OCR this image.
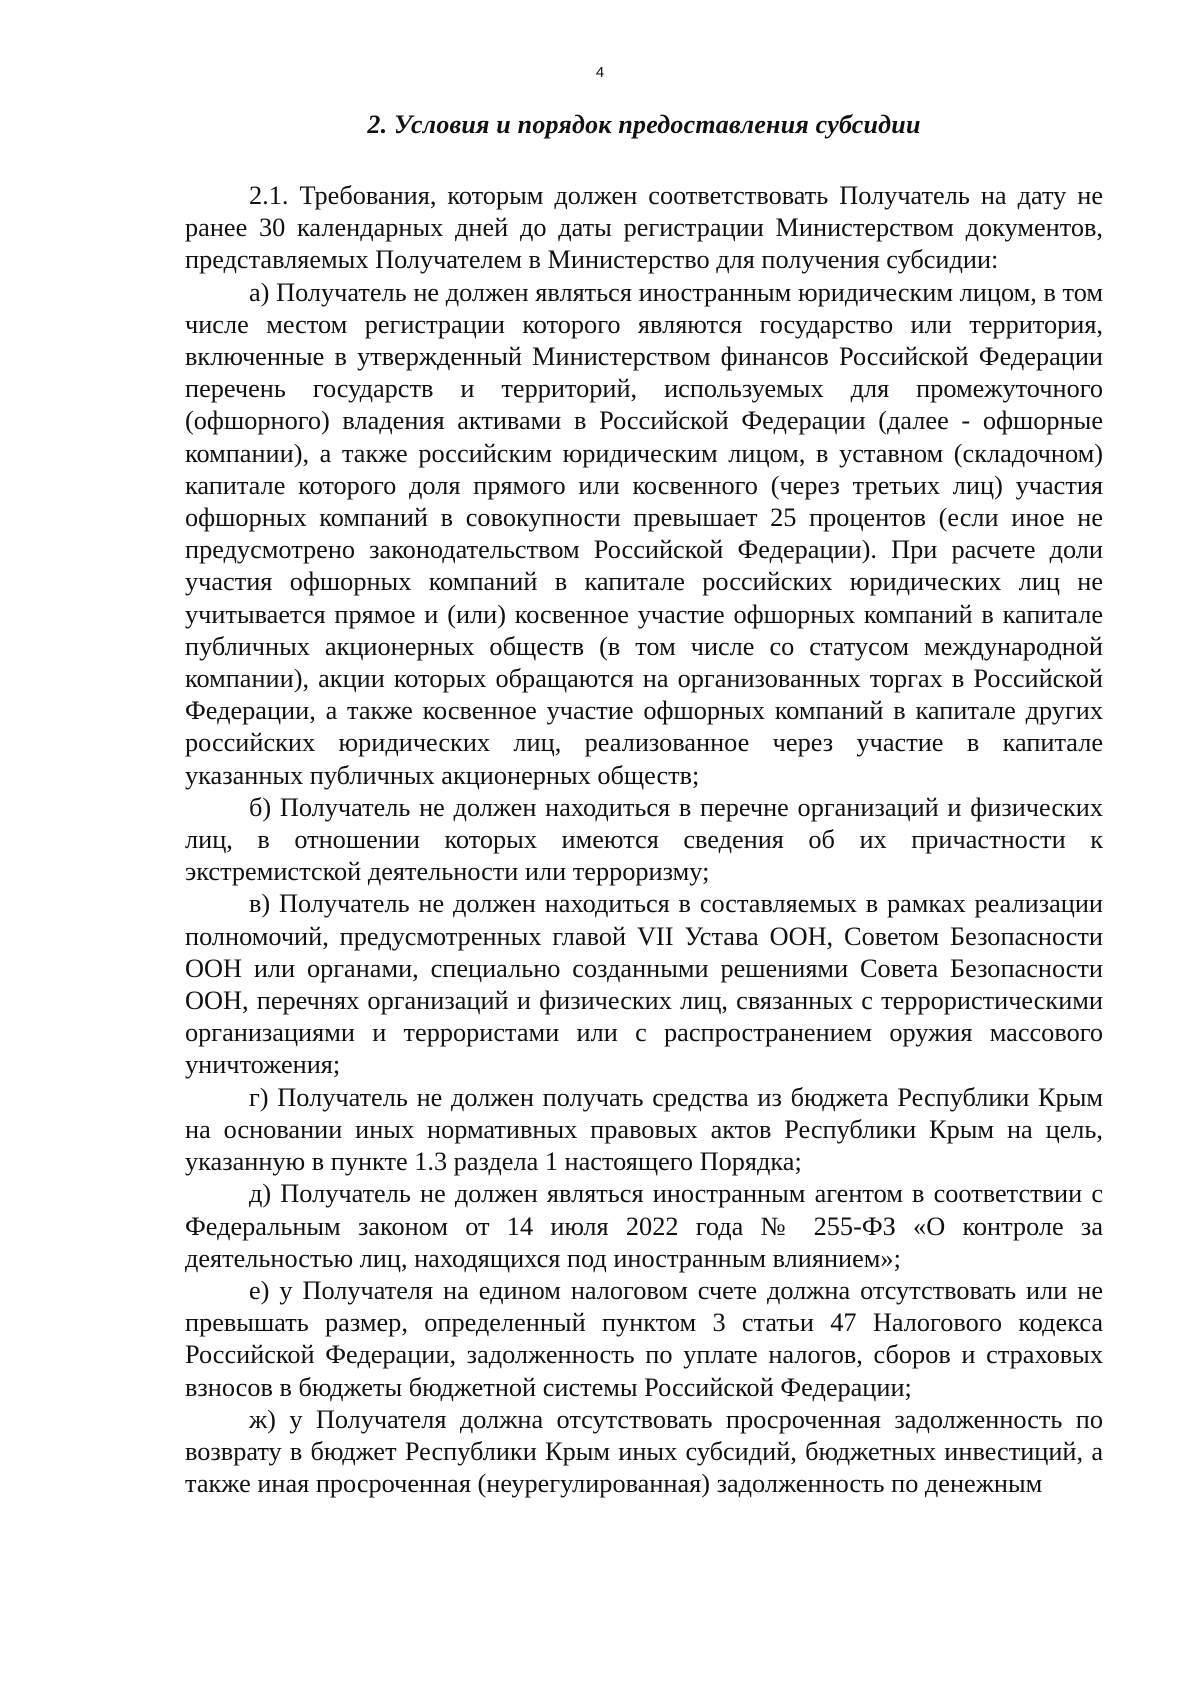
4
2. Условия и порядок предоставления субсидии

2.1. Требования, которым должен соответствовать Получатель на дату не ранее 30 календарных дней до даты регистрации Министерством документов, представляемых Получателем в Министерство для получения субсидии:

а) Получатель не должен являться иностранным юридическим лицом, в том числе местом регистрации которого являются государство или территория, включенные в утвержденный Министерством финансов Российской Федерации перечень государств и территорий, используемых для промежуточного (офшорного) владения активами в Российской Федерации (далее - офшорные компании), а также российским юридическим лицом, в уставном (складочном) капитале которого доля прямого или косвенного (через третьих лиц) участия офшорных компаний в совокупности превышает 25 процентов (если иное не предусмотрено законодательством Российской Федерации). При расчете доли участия офшорных компаний в капитале российских юридических лиц не учитывается прямое и (или) косвенное участие офшорных компаний в капитале публичных акционерных обществ (в том числе со статусом международной компании), акции которых обращаются на организованных торгах в Российской Федерации, а также косвенное участие офшорных компаний в капитале других российских юридических лиц, реализованное через участие в капитале указанных публичных акционерных обществ;

б) Получатель не должен находиться в перечне организаций и физических лиц, в отношении которых имеются сведения об их причастности к экстремистской деятельности или терроризму;

в) Получатель не должен находиться в составляемых в рамках реализации полномочий, предусмотренных главой VII Устава ООН, Советом Безопасности ООН или органами, специально созданными решениями Совета Безопасности ООН, перечнях организаций и физических лиц, связанных с террористическими организациями и террористами или с распространением оружия массового уничтожения;

г) Получатель не должен получать средства из бюджета Республики Крым на основании иных нормативных правовых актов Республики Крым на цель, указанную в пункте 1.3 раздела 1 настоящего Порядка;

д) Получатель не должен являться иностранным агентом в соответствии с Федеральным законом от 14 июля 2022 года № 255-ФЗ «О контроле за деятельностью лиц, находящихся под иностранным влиянием»;

е) у Получателя на едином налоговом счете должна отсутствовать или не превышать размер, определенный пунктом 3 статьи 47 Налогового кодекса Российской Федерации, задолженность по уплате налогов, сборов и страховых взносов в бюджеты бюджетной системы Российской Федерации;

ж) у Получателя должна отсутствовать просроченная задолженность по возврату в бюджет Республики Крым иных субсидий, бюджетных инвестиций, а также иная просроченная (неурегулированная) задолженность по денежным
